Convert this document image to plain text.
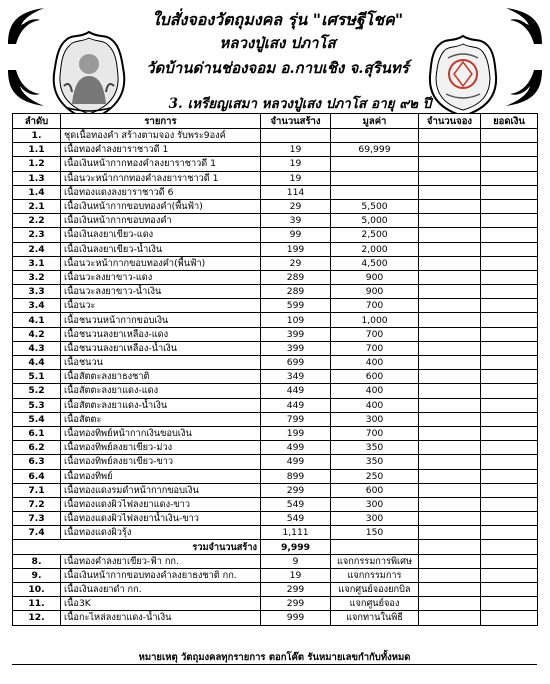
ใบสั่งจองวัตถุมงคล รุ่น "เศรษฐีโชค"
หลวงปู่เสง ปภาโส
วัดบ้านด่านช่องจอม อ.กาบเชิง จ.สุรินทร์
3. เหรียญเสมา หลวงปู่เสง ปภาโส อายุ ๙๒ ปี
ลำดับ	รายการ	จำนวนสร้าง	มูลค่า	จำนวนจอง	ยอดเงิน
1.	ชุดเนื้อทองคำ สร้างตามจอง รับพระ9องค์				
1.1	เนื้อทองคำลงยาราชาวดี 1	19	69,999		
1.2	เนื้อเงินหน้ากากทองคำลงยาราชาวดี 1	19			
1.3	เนื้อนวะหน้ากากทองคำลงยาราชาวดี 1	19			
1.4	เนื้อทองแดงลงยาราชาวดี 6	114			
2.1	เนื้อเงินหน้ากากขอบทองคำ(พื้นฟ้า)	29	5,500		
2.2	เนื้อเงินหน้ากากขอบทองคำ	39	5,000		
2.3	เนื้อเงินลงยาเขียว-แดง	99	2,500		
2.4	เนื้อเงินลงยาเขียว-น้ำเงิน	199	2,000		
3.1	เนื้อนวะหน้ากากขอบทองคำ(พื้นฟ้า)	29	4,500		
3.2	เนื้อนวะลงยาขาว-แดง	289	900		
3.3	เนื้อนวะลงยาขาว-น้ำเงิน	289	900		
3.4	เนื้อนวะ	599	700		
4.1	เนื้อชนวนหน้ากากขอบเงิน	109	1,000		
4.2	เนื้อชนวนลงยาเหลือง-แดง	399	700		
4.3	เนื้อชนวนลงยาเหลือง-น้ำเงิน	399	700		
4.4	เนื้อชนวน	699	400		
5.1	เนื้อสัตตะลงยาธงชาติ	349	600		
5.2	เนื้อสัตตะลงยาแดง-แดง	449	400		
5.3	เนื้อสัตตะลงยาแดง-น้ำเงิน	449	400		
5.4	เนื้อสัตตะ	799	300		
6.1	เนื้อทองทิพย์หน้ากากเงินขอบเงิน	199	700		
6.2	เนื้อทองทิพย์ลงยาเขียว-ม่วง	499	350		
6.3	เนื้อทองทิพย์ลงยาเขียว-ขาว	499	350		
6.4	เนื้อทองทิพย์	899	250		
7.1	เนื้อทองแดงรมดำหน้ากากขอบเงิน	299	600		
7.2	เนื้อทองแดงผิวไฟลงยาแดง-ขาว	549	300		
7.3	เนื้อทองแดงผิวไฟลงยาน้ำเงิน-ขาว	549	300		
7.4	เนื้อทองแดงผิวรุ้ง	1,111	150		
รวมจำนวนสร้าง		9,999			
8.	เนื้อทองคำลงยาเขียว-ฟ้า กก.	9	แจกกรรมการพิเศษ		
9.	เนื้อเงินหน้ากากขอบทองคำลงยาธงชาติ กก.	19	แจกกรรมการ		
10.	เนื้อเงินลงยาดำ กก.	299	แจกศูนย์จองยกบิล		
11.	เนื้อ3K	299	แจกศูนย์จอง		
12.	เนื้อกะไหล่ลงยาแดง-น้ำเงิน	999	แจกทานในพิธี		
หมายเหตุ วัตถุมงคลทุกรายการ ตอกโค๊ต รันหมายเลขกำกับทั้งหมด
